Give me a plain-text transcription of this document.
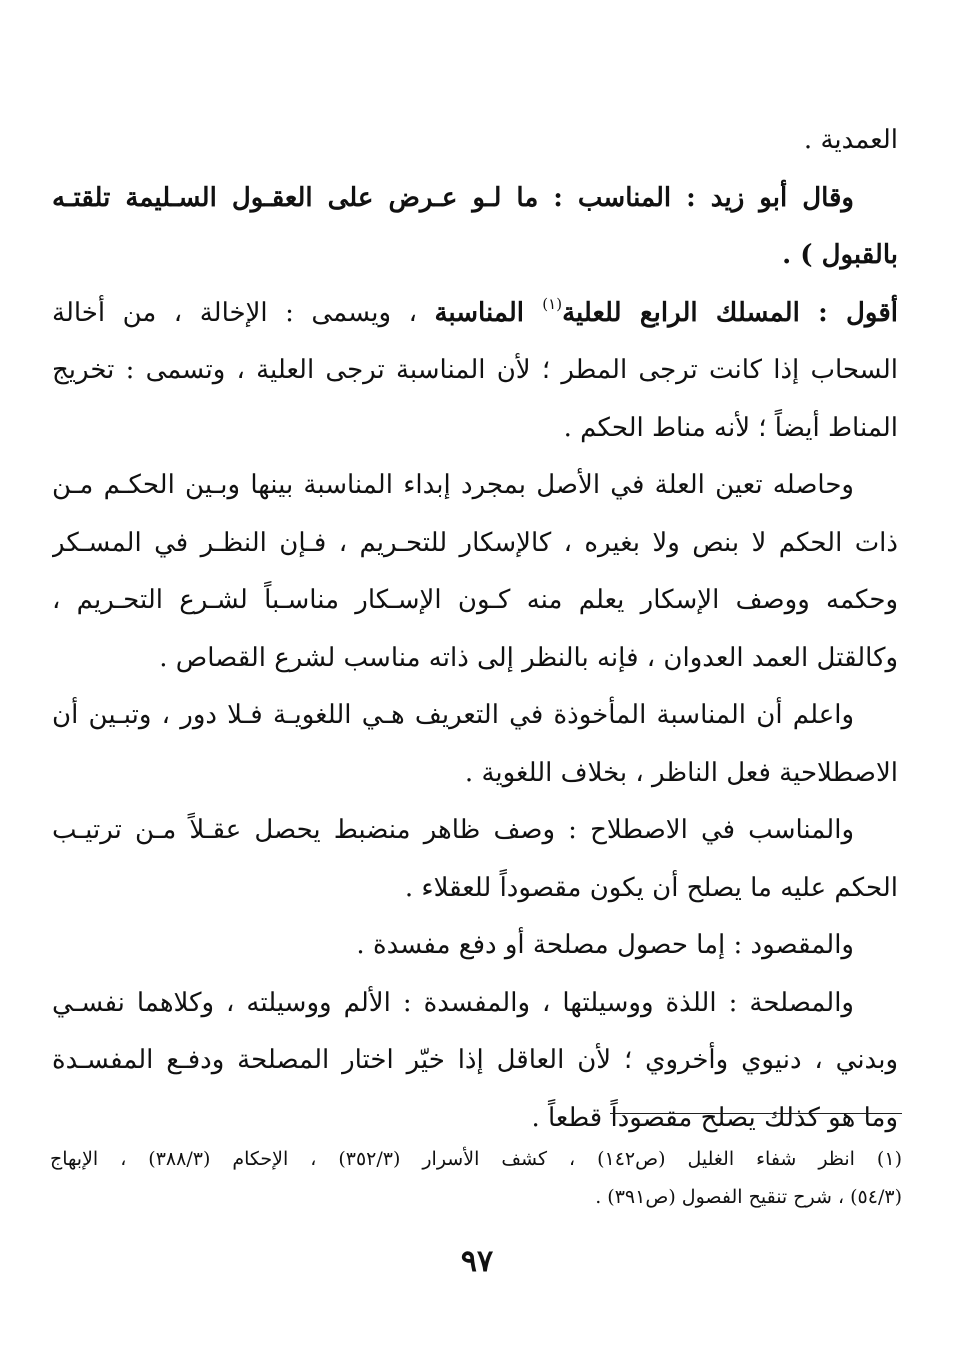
العمدية .
وقال أبو زيد : المناسب : ما لـو عـرض على العقـول السـليمة تلقتـه
بالقبول ) .
أقول : المسلك الرابع للعلية$^{(١)}$ المناسبة ، ويسمى : الإخالة ، من أخالة
السحاب إذا كانت ترجى المطر ؛ لأن المناسبة ترجى العلية ، وتسمى : تخريج
المناط أيضاً ؛ لأنه مناط الحكم .
وحاصله تعين العلة في الأصل بمجرد إبداء المناسبة بينها وبـين الحكـم مـن
ذات الحكم لا بنص ولا بغيره ، كالإسكار للتحـريم ، فـإن النظـر في المسـكر
وحكمه ووصف الإسكار يعلم منه كـون الإسـكار مناسـباً لشـرع التحـريم ،
وكالقتل العمد العدوان ، فإنه بالنظر إلى ذاته مناسب لشرع القصاص .
واعلم أن المناسبة المأخوذة في التعريف هـي اللغويـة فـلا دور ، وتبـين أن
الاصطلاحية فعل الناظر ، بخلاف اللغوية .
والمناسب في الاصطلاح : وصف ظاهر منضبط يحصل عقـلاً مـن ترتيـب
الحكم عليه ما يصلح أن يكون مقصوداً للعقلاء .
والمقصود : إما حصول مصلحة أو دفع مفسدة .
والمصلحة : اللذة ووسيلتها ، والمفسدة : الألم ووسيلته ، وكلاهما نفسـي
وبدني ، دنيوي وأخروي ؛ لأن العاقل إذا خيّر اختار المصلحة ودفـع المفسـدة
وما هو كذلك يصلح مقصوداً قطعاً .
(١) انظر شفاء الغليل (ص١٤٢) ، كشف الأسرار (٣٥٢/٣) ، الإحكام (٣٨٨/٣) ، الإبهاج
(٥٤/٣) ، شرح تنقيح الفصول (ص٣٩١) .
٩٧
